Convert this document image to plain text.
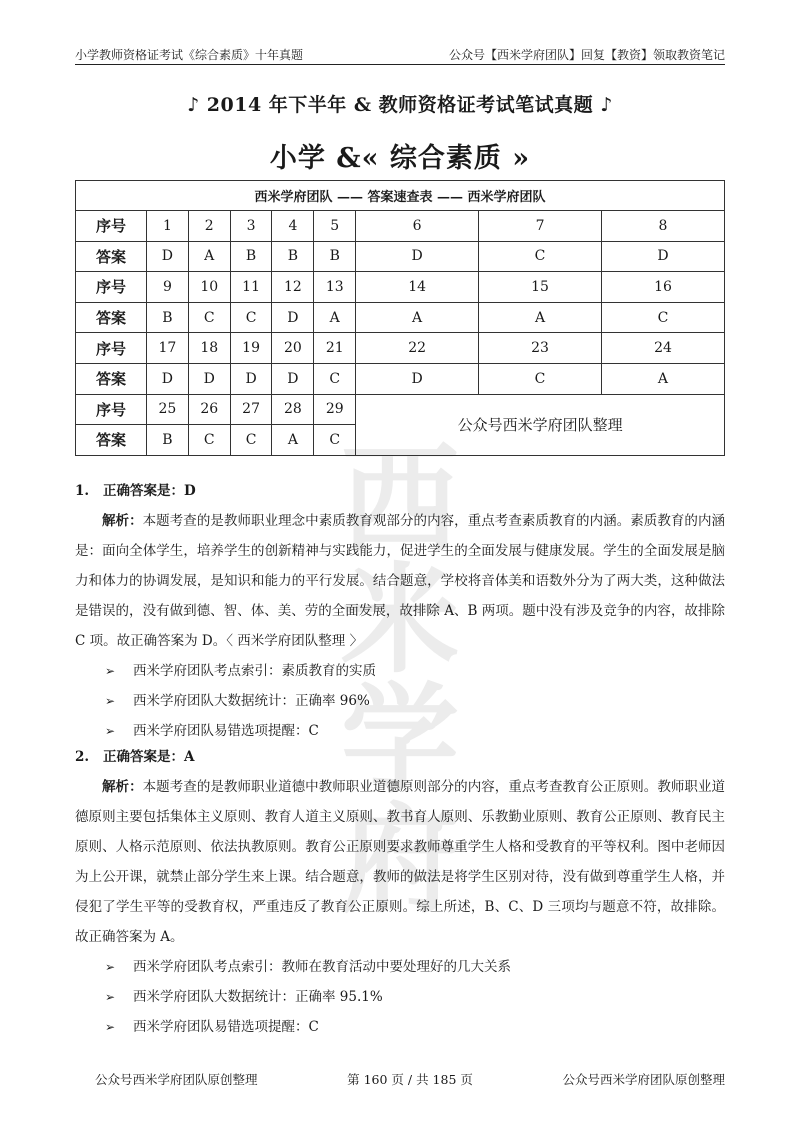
小学教师资格证考试《综合素质》十年真题	公众号【西米学府团队】回复【教资】领取教资笔记
♪ 2014 年下半年 & 教师资格证考试笔试真题 ♪
小学 &« 综合素质 »
西米学府
西米学府团队 —— 答案速查表 —— 西米学府团队								
序号	1	2	3	4	5	6	7	8
答案	D	A	B	B	B	D	C	D
序号	9	10	11	12	13	14	15	16
答案	B	C	C	D	A	A	A	C
序号	17	18	19	20	21	22	23	24
答案	D	D	D	D	C	D	C	A
序号	25	26	27	28	29	公众号西米学府团队整理		
答案	B	C	C	A	C			

1. 正确答案是：D

解析：本题考查的是教师职业理念中素质教育观部分的内容，重点考查素质教育的内涵。素质教育的内涵是：面向全体学生，培养学生的创新精神与实践能力，促进学生的全面发展与健康发展。学生的全面发展是脑力和体力的协调发展，是知识和能力的平行发展。结合题意，学校将音体美和语数外分为了两大类，这种做法是错误的，没有做到德、智、体、美、劳的全面发展，故排除 A、B 两项。题中没有涉及竞争的内容，故排除 C 项。故正确答案为 D。〈 西米学府团队整理 〉

➢ 西米学府团队考点索引：素质教育的实质

➢ 西米学府团队大数据统计：正确率 96%

➢ 西米学府团队易错选项提醒：C

2. 正确答案是：A

解析：本题考查的是教师职业道德中教师职业道德原则部分的内容，重点考查教育公正原则。教师职业道德原则主要包括集体主义原则、教育人道主义原则、教书育人原则、乐教勤业原则、教育公正原则、教育民主原则、人格示范原则、依法执教原则。教育公正原则要求教师尊重学生人格和受教育的平等权利。图中老师因为上公开课，就禁止部分学生来上课。结合题意，教师的做法是将学生区别对待，没有做到尊重学生人格，并侵犯了学生平等的受教育权，严重违反了教育公正原则。综上所述，B、C、D 三项均与题意不符，故排除。故正确答案为 A。

➢ 西米学府团队考点索引：教师在教育活动中要处理好的几大关系

➢ 西米学府团队大数据统计：正确率 95.1%

➢ 西米学府团队易错选项提醒：C

公众号西米学府团队原创整理	第 160 页 / 共 185 页	公众号西米学府团队原创整理
